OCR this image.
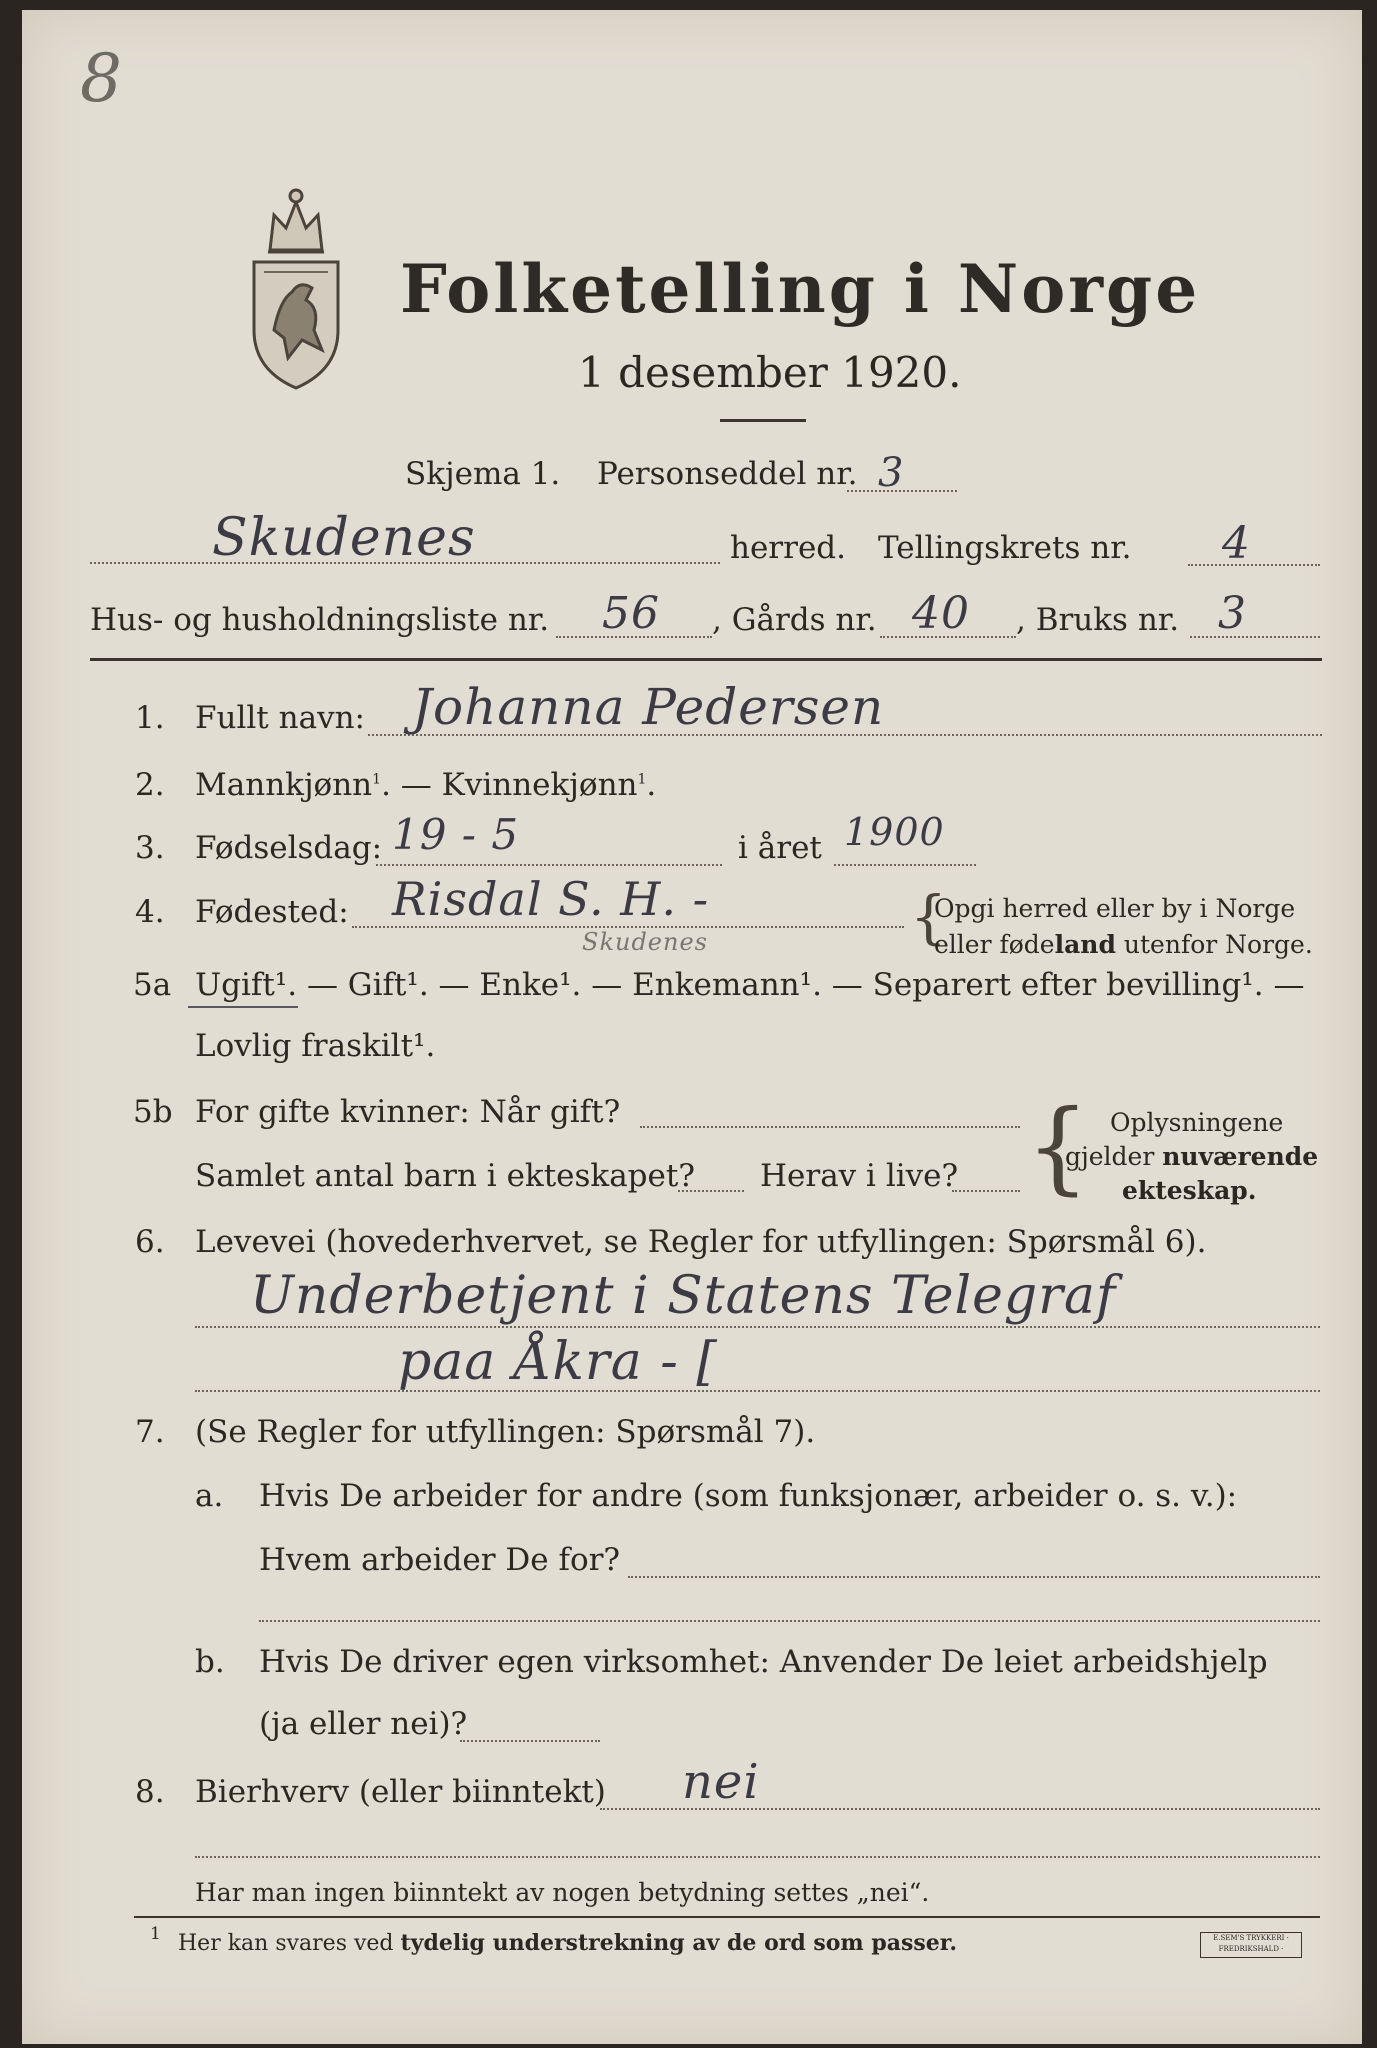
8
Folketelling i Norge
1 desember 1920.
Skjema 1. Personseddel nr. 3
Skudenes	herred. Tellingskrets nr. 4
Hus- og husholdningsliste nr. 56 , Gårds nr. 40 , Bruks nr. 3
1. Fullt navn: Johanna Pedersen
2. Mannkjønn$^1$. — Kvinnekjønn$^1$.
3. Fødselsdag: 19 - 5	i året 1900
4. Fødested: Risdal S. H. -
Skudenes	{
Opgi herred eller by i Norge
eller fødeland utenfor Norge.
5a Ugift¹. — Gift¹. — Enke¹. — Enkemann¹. — Separert efter bevilling¹. —
Lovlig fraskilt¹.
5b For gifte kvinner: Når gift?
Samlet antal barn i ekteskapet? Herav i live? { Oplysningene
gjelder nuværende
ekteskap.
6. Levevei (hovederhvervet, se Regler for utfyllingen: Spørsmål 6).
Underbetjent i Statens Telegraf
paa Åkra - [
7. (Se Regler for utfyllingen: Spørsmål 7).
a. Hvis De arbeider for andre (som funksjonær, arbeider o. s. v.):
Hvem arbeider De for?
b. Hvis De driver egen virksomhet: Anvender De leiet arbeidshjelp
(ja eller nei)?
8. Bierhverv (eller biinntekt) nei
Har man ingen biinntekt av nogen betydning settes „nei“.
1 Her kan svares ved tydelig understrekning av de ord som passer.	E.SEM'S TRYKKERI · FREDRIKSHALD ·
